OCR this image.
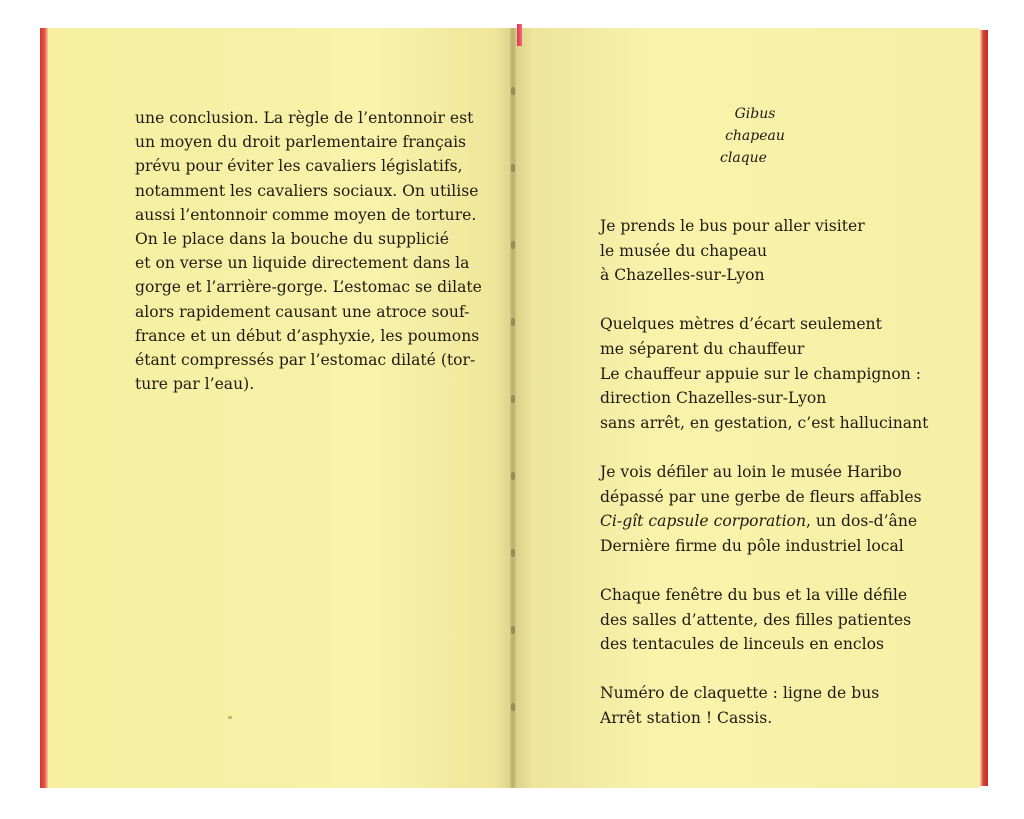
une conclusion. La règle de l’entonnoir est
un moyen du droit parlementaire français
prévu pour éviter les cavaliers législatifs,
notamment les cavaliers sociaux. On utilise
aussi l’entonnoir comme moyen de torture.
On le place dans la bouche du supplicié
et on verse un liquide directement dans la
gorge et l’arrière-gorge. L’estomac se dilate
alors rapidement causant une atroce souf-
france et un début d’asphyxie, les poumons
étant compressés par l’estomac dilaté (tor-
ture par l’eau).
Gibus
chapeau
claque
Je prends le bus pour aller visiter
le musée du chapeau
à Chazelles-sur-Lyon
Quelques mètres d’écart seulement
me séparent du chauffeur
Le chauffeur appuie sur le champignon :
direction Chazelles-sur-Lyon
sans arrêt, en gestation, c’est hallucinant
Je vois défiler au loin le musée Haribo
dépassé par une gerbe de fleurs affables
Ci-gît capsule corporation, un dos-d’âne
Dernière firme du pôle industriel local
Chaque fenêtre du bus et la ville défile
des salles d’attente, des filles patientes
des tentacules de linceuls en enclos
Numéro de claquette : ligne de bus
Arrêt station ! Cassis.
